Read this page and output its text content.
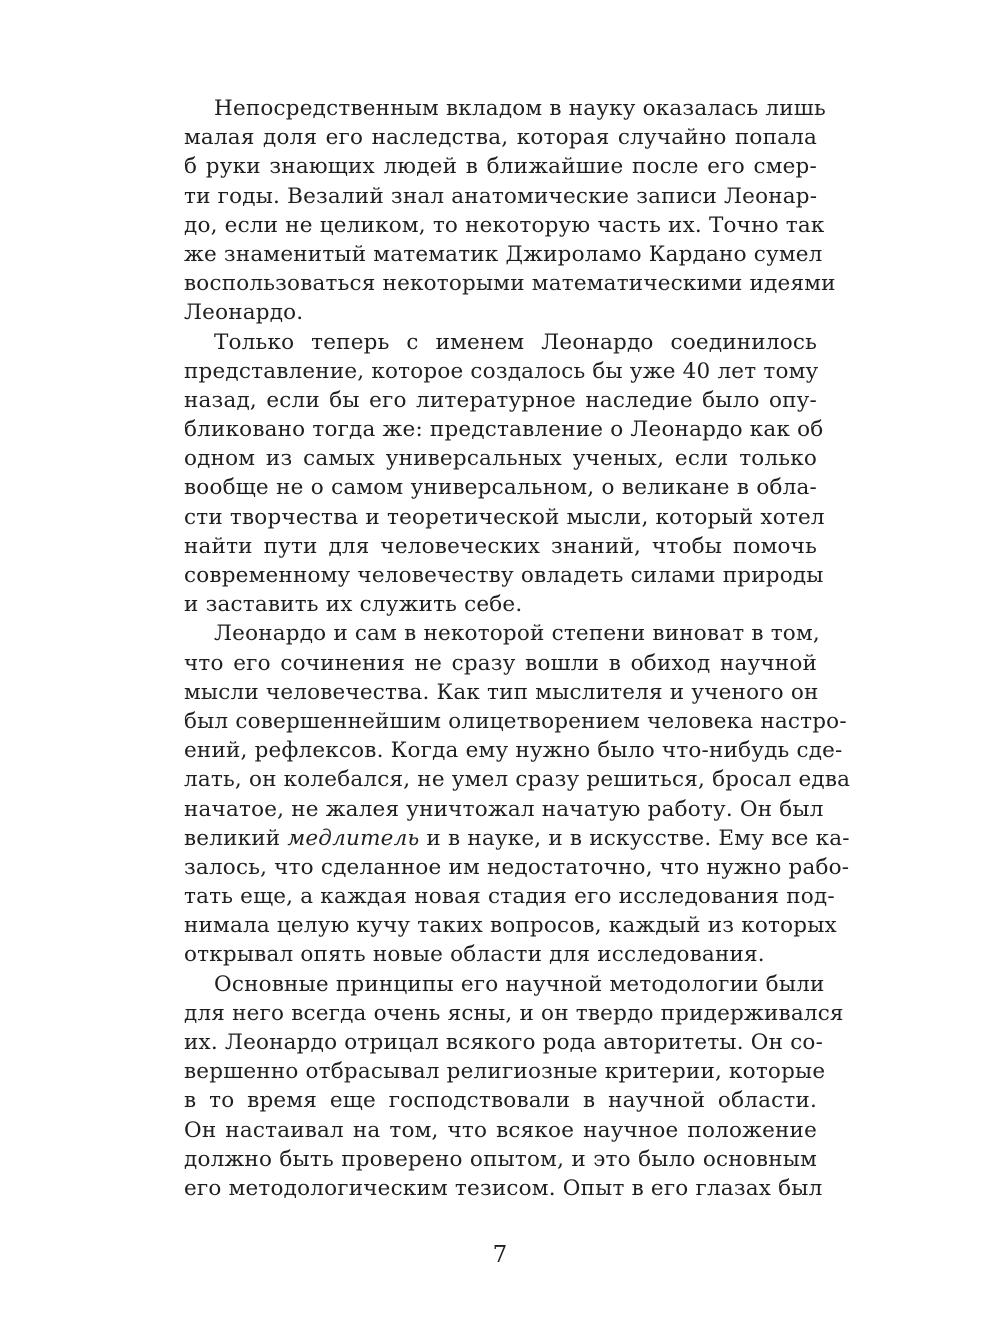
Непосредственным вкладом в науку оказалась лишь
малая доля его наследства, которая случайно попала
б руки знающих людей в ближайшие после его смер-
ти годы. Везалий знал анатомические записи Леонар-
до, если не целиком, то некоторую часть их. Точно так
же знаменитый математик Джироламо Кардано сумел
воспользоваться некоторыми математическими идеями
Леонардо.
Только теперь с именем Леонардо соединилось
представление, которое создалось бы уже 40 лет тому
назад, если бы его литературное наследие было опу-
бликовано тогда же: представление о Леонардо как об
одном из самых универсальных ученых, если только
вообще не о самом универсальном, о великане в обла-
сти творчества и теоретической мысли, который хотел
найти пути для человеческих знаний, чтобы помочь
современному человечеству овладеть силами природы
и заставить их служить себе.
Леонардо и сам в некоторой степени виноват в том,
что его сочинения не сразу вошли в обиход научной
мысли человечества. Как тип мыслителя и ученого он
был совершеннейшим олицетворением человека настро-
ений, рефлексов. Когда ему нужно было что-нибудь сде-
лать, он колебался, не умел сразу решиться, бросал едва
начатое, не жалея уничтожал начатую работу. Он был
великий медлитель и в науке, и в искусстве. Ему все ка-
залось, что сделанное им недостаточно, что нужно рабо-
тать еще, а каждая новая стадия его исследования под-
нимала целую кучу таких вопросов, каждый из которых
открывал опять новые области для исследования.
Основные принципы его научной методологии были
для него всегда очень ясны, и он твердо придерживался
их. Леонардо отрицал всякого рода авторитеты. Он со-
вершенно отбрасывал религиозные критерии, которые
в то время еще господствовали в научной области.
Он настаивал на том, что всякое научное положение
должно быть проверено опытом, и это было основным
его методологическим тезисом. Опыт в его глазах был
7
